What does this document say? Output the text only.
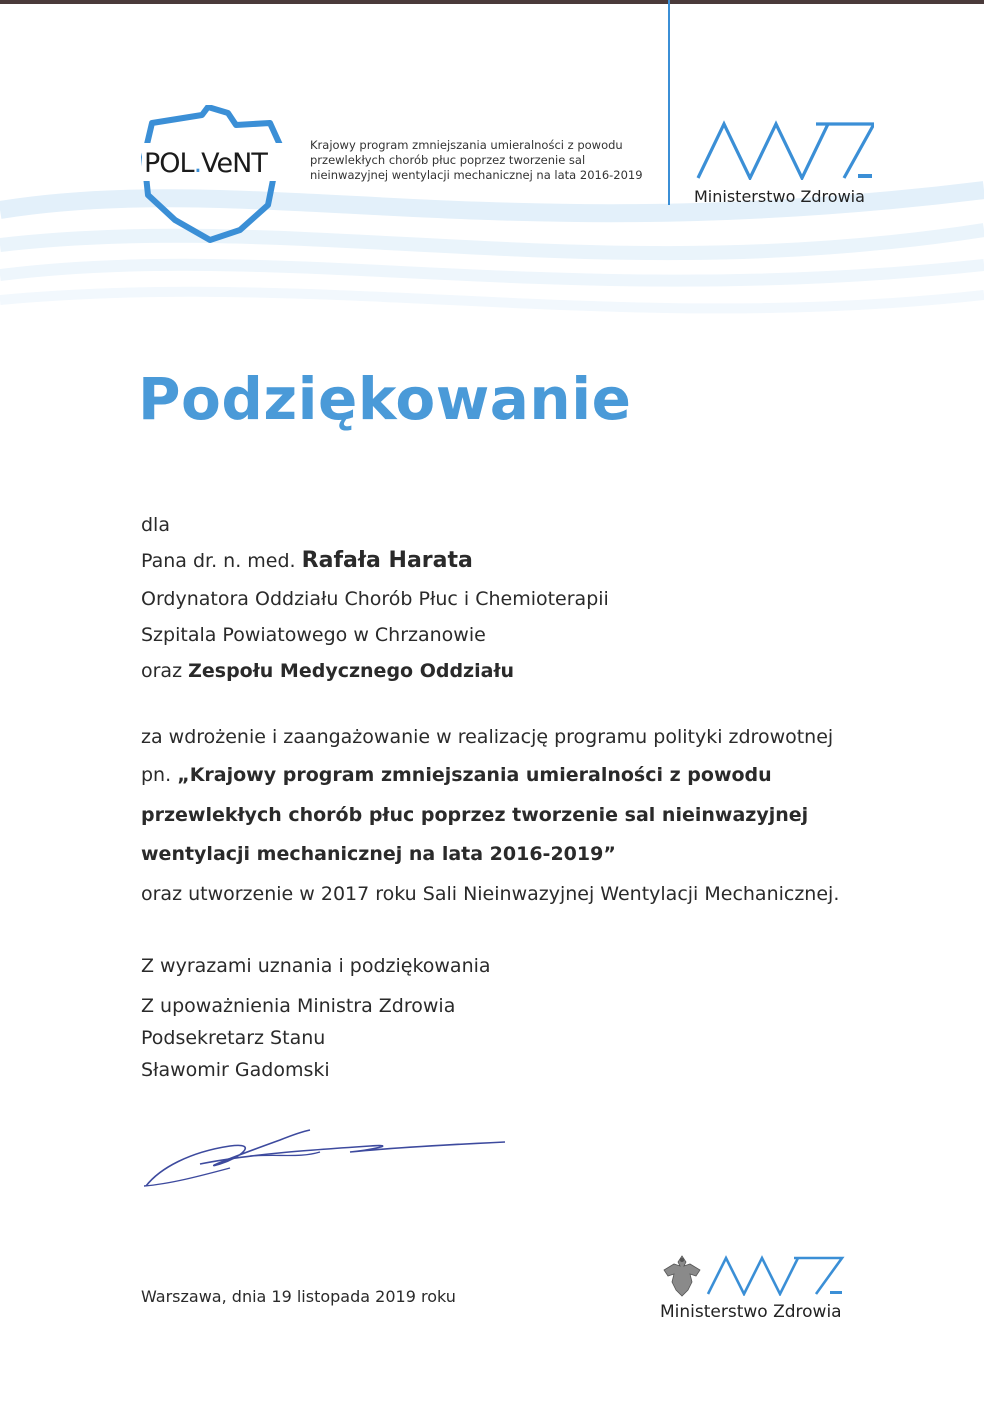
POL.VeNT
Krajowy program zmniejszania umieralności z powodu
przewlekłych chorób płuc poprzez tworzenie sal
nieinwazyjnej wentylacji mechanicznej na lata 2016-2019
Ministerstwo Zdrowia
Podziękowanie
dla
Pana dr. n. med. Rafała Harata
Ordynatora Oddziału Chorób Płuc i Chemioterapii
Szpitala Powiatowego w Chrzanowie
oraz Zespołu Medycznego Oddziału
za wdrożenie i zaangażowanie w realizację programu polityki zdrowotnej
pn. „Krajowy program zmniejszania umieralności z powodu
przewlekłych chorób płuc poprzez tworzenie sal nieinwazyjnej
wentylacji mechanicznej na lata 2016-2019”
oraz utworzenie w 2017 roku Sali Nieinwazyjnej Wentylacji Mechanicznej.
Z wyrazami uznania i podziękowania
Z upoważnienia Ministra Zdrowia
Podsekretarz Stanu
Sławomir Gadomski
Warszawa, dnia 19 listopada 2019 roku
Ministerstwo Zdrowia
